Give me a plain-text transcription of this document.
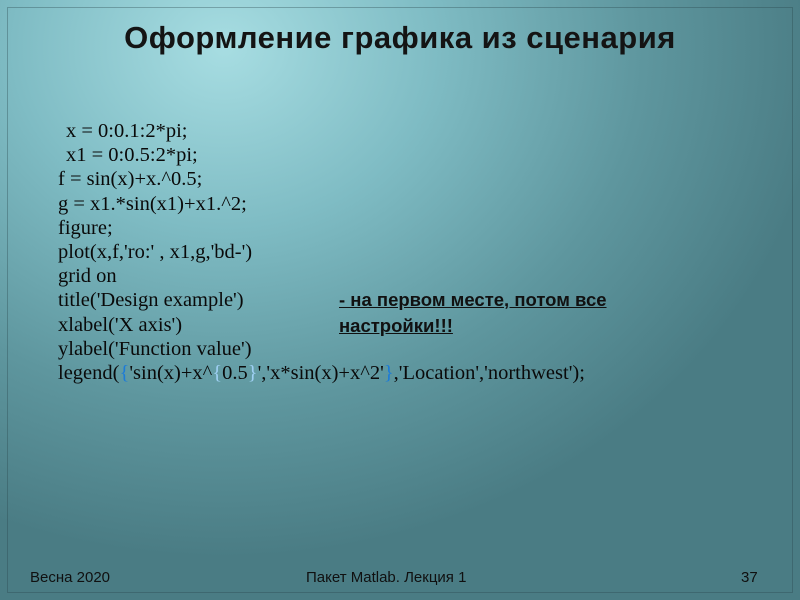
Оформление графика из сценария
x = 0:0.1:2*pi;
x1 = 0:0.5:2*pi;
f = sin(x)+x.^0.5;
g = x1.*sin(x1)+x1.^2;
figure;
plot(x,f,'ro:' , x1,g,'bd-')
grid on
title('Design example')
xlabel('X axis')
ylabel('Function value')
legend({'sin(x)+x^{0.5}','x*sin(x)+x^2'},'Location','northwest');

- на первом месте, потом все настройки!!!

Весна 2020	Пакет Matlab. Лекция 1	37
